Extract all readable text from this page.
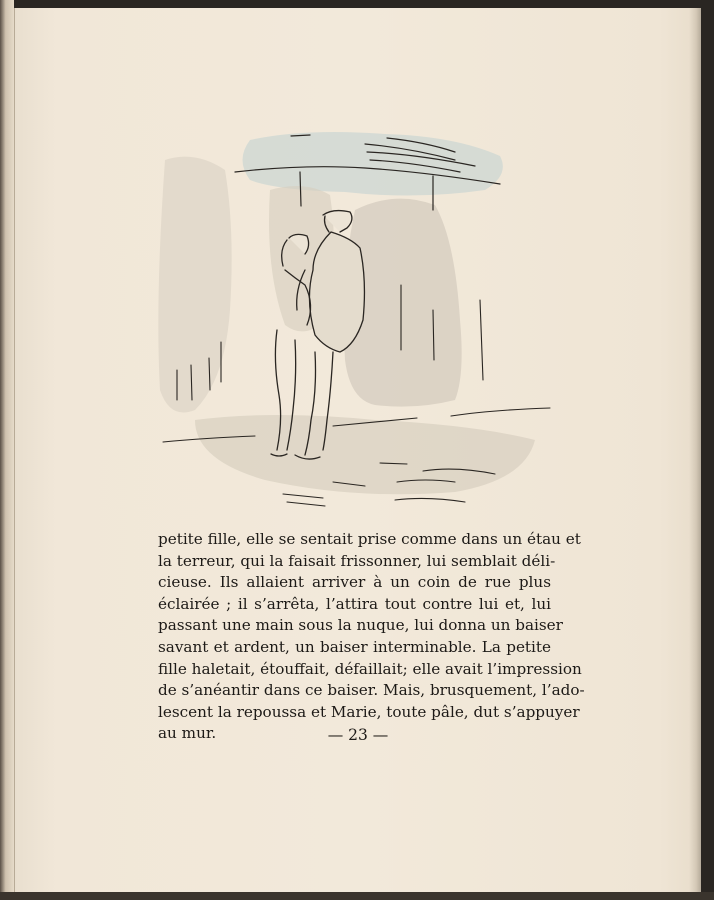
petite fille, elle se sentait prise comme dans un étau et
la terreur, qui la faisait frissonner, lui semblait déli-
cieuse. Ils allaient arriver à un coin de rue plus
éclairée ; il s’arrêta, l’attira tout contre lui et, lui
passant une main sous la nuque, lui donna un baiser
savant et ardent, un baiser interminable. La petite
fille haletait, étouffait, défaillait; elle avait l’impression
de s’anéantir dans ce baiser. Mais, brusquement, l’ado-
lescent la repoussa et Marie, toute pâle, dut s’appuyer
au mur.	— 23 —
